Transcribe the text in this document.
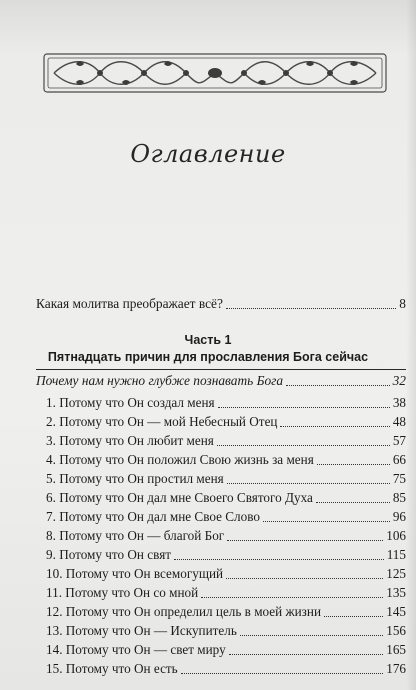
Оглавление
Какая молитва преображает всё?	8
Часть 1
Пятнадцать причин для прославления Бога сейчас
Почему нам нужно глубже познавать Бога	32
1. Потому что Он создал меня	38
2. Потому что Он — мой Небесный Отец	48
3. Потому что Он любит меня	57
4. Потому что Он положил Свою жизнь за меня	66
5. Потому что Он простил меня	75
6. Потому что Он дал мне Своего Святого Духа	85
7. Потому что Он дал мне Свое Слово	96
8. Потому что Он — благой Бог	106
9. Потому что Он свят	115
10. Потому что Он всемогущий	125
11. Потому что Он со мной	135
12. Потому что Он определил цель в моей жизни	145
13. Потому что Он — Искупитель	156
14. Потому что Он — свет миру	165
15. Потому что Он есть	176
